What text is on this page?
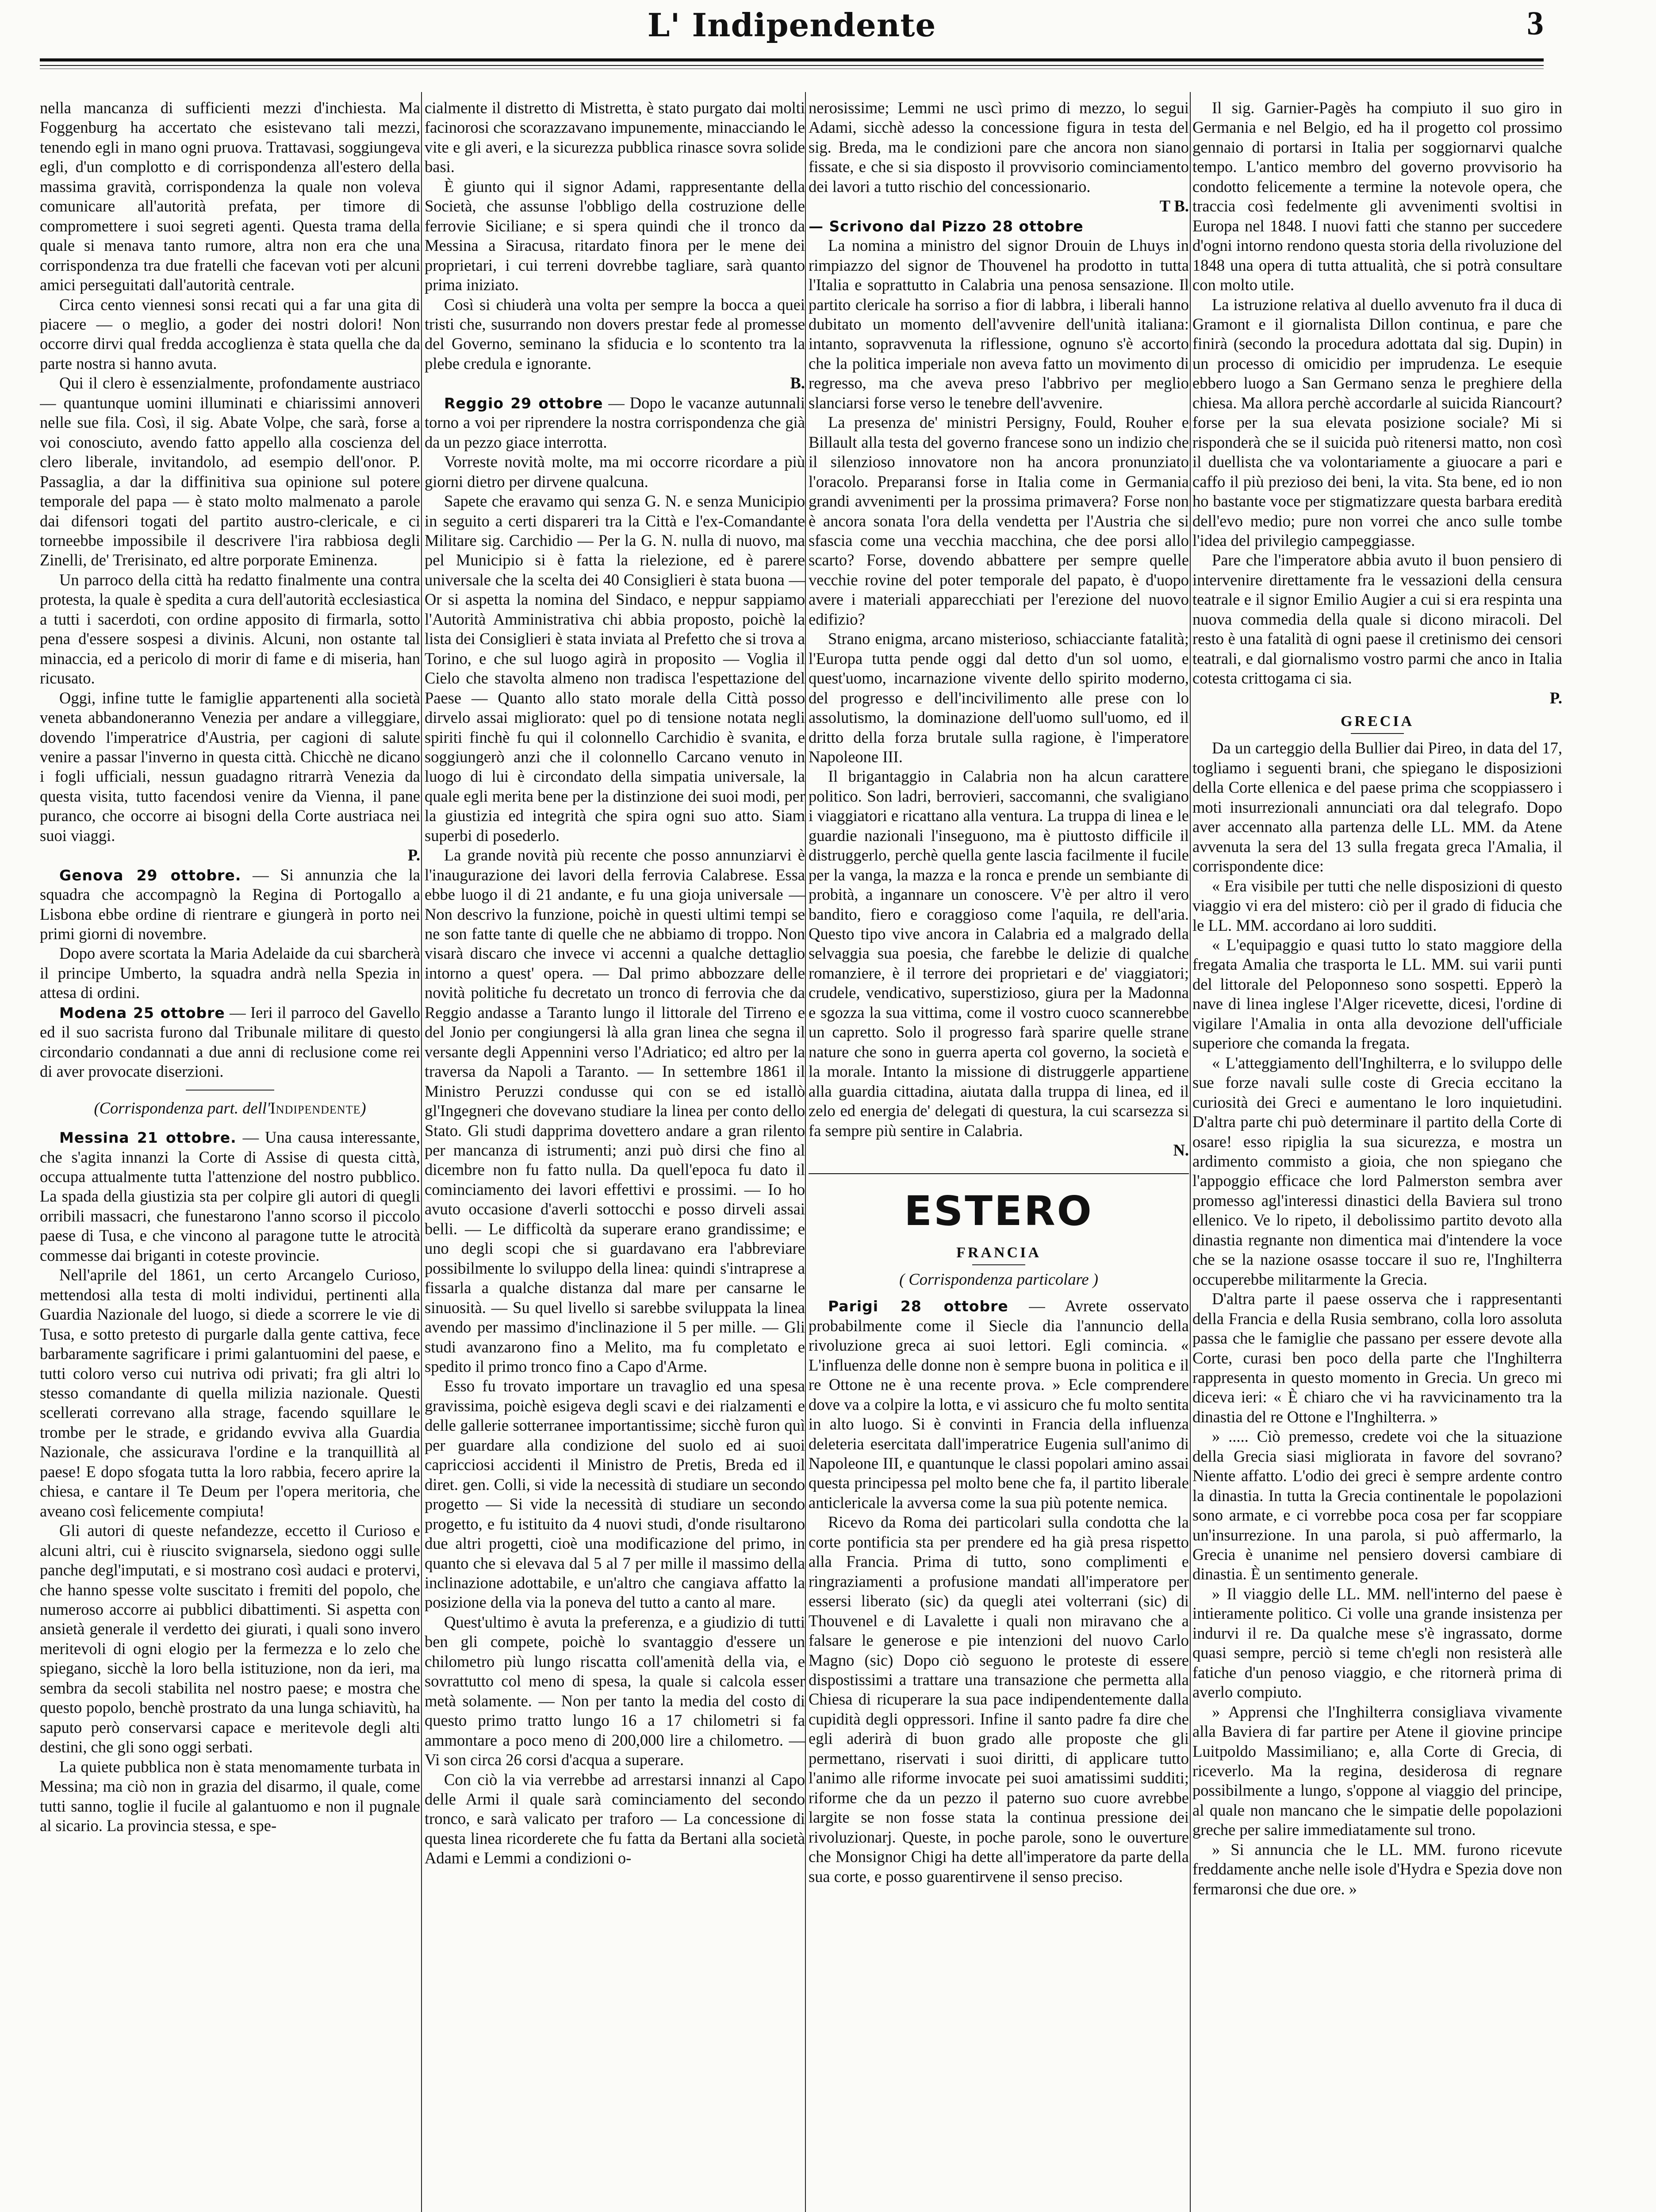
L' Indipendente	3

nella mancanza di sufficienti mezzi d'inchiesta. Ma Foggenburg ha accertato che esistevano tali mezzi, tenendo egli in mano ogni pruova. Trattavasi, soggiungeva egli, d'un complotto e di corrispondenza all'estero della massima gravità, corrispondenza la quale non voleva comunicare all'autorità prefata, per timore di compromettere i suoi segreti agenti. Questa trama della quale si menava tanto rumore, altra non era che una corrispondenza tra due fratelli che facevan voti per alcuni amici perseguitati dall'autorità centrale.

Circa cento viennesi sonsi recati qui a far una gita di piacere — o meglio, a goder dei nostri dolori! Non occorre dirvi qual fredda accoglienza è stata quella che da parte nostra si hanno avuta.

Qui il clero è essenzialmente, profondamente austriaco — quantunque uomini illuminati e chiarissimi annoveri nelle sue fila. Così, il sig. Abate Volpe, che sarà, forse a voi conosciuto, avendo fatto appello alla coscienza del clero liberale, invitandolo, ad esempio dell'onor. P. Passaglia, a dar la diffinitiva sua opinione sul potere temporale del papa — è stato molto malmenato a parole dai difensori togati del partito austro-clericale, e ci torneebbe impossibile il descrivere l'ira rabbiosa degli Zinelli, de' Trerisinato, ed altre porporate Eminenza.

Un parroco della città ha redatto finalmente una contra protesta, la quale è spedita a cura dell'autorità ecclesiastica a tutti i sacerdoti, con ordine apposito di firmarla, sotto pena d'essere sospesi a divinis. Alcuni, non ostante tal minaccia, ed a pericolo di morir di fame e di miseria, han ricusato.

Oggi, infine tutte le famiglie appartenenti alla società veneta abbandoneranno Venezia per andare a villeggiare, dovendo l'imperatrice d'Austria, per cagioni di salute venire a passar l'inverno in questa città. Chicchè ne dicano i fogli ufficiali, nessun guadagno ritrarrà Venezia da questa visita, tutto facendosi venire da Vienna, il pane puranco, che occorre ai bisogni della Corte austriaca nei suoi viaggi.

P.

Genova 29 ottobre. — Si annunzia che la squadra che accompagnò la Regina di Portogallo a Lisbona ebbe ordine di rientrare e giungerà in porto nei primi giorni di novembre.

Dopo avere scortata la Maria Adelaide da cui sbarcherà il principe Umberto, la squadra andrà nella Spezia in attesa di ordini.

Modena 25 ottobre — Ieri il parroco del Gavello ed il suo sacrista furono dal Tribunale militare di questo circondario condannati a due anni di reclusione come rei di aver provocate diserzioni.

(Corrispondenza part. dell'Indipendente)

Messina 21 ottobre. — Una causa interessante, che s'agita innanzi la Corte di Assise di questa città, occupa attualmente tutta l'attenzione del nostro pubblico. La spada della giustizia sta per colpire gli autori di quegli orribili massacri, che funestarono l'anno scorso il piccolo paese di Tusa, e che vincono al paragone tutte le atrocità commesse dai briganti in coteste provincie.

Nell'aprile del 1861, un certo Arcangelo Curioso, mettendosi alla testa di molti individui, pertinenti alla Guardia Nazionale del luogo, si diede a scorrere le vie di Tusa, e sotto pretesto di purgarle dalla gente cattiva, fece barbaramente sagrificare i primi galantuomini del paese, e tutti coloro verso cui nutriva odi privati; fra gli altri lo stesso comandante di quella milizia nazionale. Questi scellerati correvano alla strage, facendo squillare le trombe per le strade, e gridando evviva alla Guardia Nazionale, che assicurava l'ordine e la tranquillità al paese! E dopo sfogata tutta la loro rabbia, fecero aprire la chiesa, e cantare il Te Deum per l'opera meritoria, che aveano così felicemente compiuta!

Gli autori di queste nefandezze, eccetto il Curioso e alcuni altri, cui è riuscito svignarsela, siedono oggi sulle panche degl'imputati, e si mostrano così audaci e protervi, che hanno spesse volte suscitato i fremiti del popolo, che numeroso accorre ai pubblici dibattimenti. Si aspetta con ansietà generale il verdetto dei giurati, i quali sono invero meritevoli di ogni elogio per la fermezza e lo zelo che spiegano, sicchè la loro bella istituzione, non da ieri, ma sembra da secoli stabilita nel nostro paese; e mostra che questo popolo, benchè prostrato da una lunga schiavitù, ha saputo però conservarsi capace e meritevole degli alti destini, che gli sono oggi serbati.

La quiete pubblica non è stata menomamente turbata in Messina; ma ciò non in grazia del disarmo, il quale, come tutti sanno, toglie il fucile al galantuomo e non il pugnale al sicario. La provincia stessa, e spe-

cialmente il distretto di Mistretta, è stato purgato dai molti facinorosi che scorazzavano impunemente, minacciando le vite e gli averi, e la sicurezza pubblica rinasce sovra solide basi.

È giunto qui il signor Adami, rappresentante della Società, che assunse l'obbligo della costruzione delle ferrovie Siciliane; e si spera quindi che il tronco da Messina a Siracusa, ritardato finora per le mene dei proprietari, i cui terreni dovrebbe tagliare, sarà quanto prima iniziato.

Così si chiuderà una volta per sempre la bocca a quei tristi che, susurrando non dovers prestar fede al promesse del Governo, seminano la sfiducia e lo scontento tra la plebe credula e ignorante.

B.

Reggio 29 ottobre — Dopo le vacanze autunnali torno a voi per riprendere la nostra corrispondenza che già da un pezzo giace interrotta.

Vorreste novità molte, ma mi occorre ricordare a più giorni dietro per dirvene qualcuna.

Sapete che eravamo qui senza G. N. e senza Municipio in seguito a certi dispareri tra la Città e l'ex-Comandante Militare sig. Carchidio — Per la G. N. nulla di nuovo, ma pel Municipio si è fatta la rielezione, ed è parere universale che la scelta dei 40 Consiglieri è stata buona — Or si aspetta la nomina del Sindaco, e neppur sappiamo l'Autorità Amministrativa chi abbia proposto, poichè la lista dei Consiglieri è stata inviata al Prefetto che si trova a Torino, e che sul luogo agirà in proposito — Voglia il Cielo che stavolta almeno non tradisca l'espettazione del Paese — Quanto allo stato morale della Città posso dirvelo assai migliorato: quel po di tensione notata negli spiriti finchè fu qui il colonnello Carchidio è svanita, e soggiungerò anzi che il colonnello Carcano venuto in luogo di lui è circondato della simpatia universale, la quale egli merita bene per la distinzione dei suoi modi, per la giustizia ed integrità che spira ogni suo atto. Siam superbi di posederlo.

La grande novità più recente che posso annunziarvi è l'inaugurazione dei lavori della ferrovia Calabrese. Essa ebbe luogo il di 21 andante, e fu una gioja universale — Non descrivo la funzione, poichè in questi ultimi tempi se ne son fatte tante di quelle che ne abbiamo di troppo. Non visarà discaro che invece vi accenni a qualche dettaglio intorno a quest' opera. — Dal primo abbozzare delle novità politiche fu decretato un tronco di ferrovia che da Reggio andasse a Taranto lungo il littorale del Tirreno e del Jonio per congiungersi là alla gran linea che segna il versante degli Appennini verso l'Adriatico; ed altro per la traversa da Napoli a Taranto. — In settembre 1861 il Ministro Peruzzi condusse qui con se ed istallò gl'Ingegneri che dovevano studiare la linea per conto dello Stato. Gli studi dapprima dovettero andare a gran rilento per mancanza di istrumenti; anzi può dirsi che fino al dicembre non fu fatto nulla. Da quell'epoca fu dato il cominciamento dei lavori effettivi e prossimi. — Io ho avuto occasione d'averli sottocchi e posso dirveli assai belli. — Le difficoltà da superare erano grandissime; e uno degli scopi che si guardavano era l'abbreviare possibilmente lo sviluppo della linea: quindi s'intraprese a fissarla a qualche distanza dal mare per cansarne le sinuosità. — Su quel livello si sarebbe sviluppata la linea avendo per massimo d'inclinazione il 5 per mille. — Gli studi avanzarono fino a Melito, ma fu completato e spedito il primo tronco fino a Capo d'Arme.

Esso fu trovato importare un travaglio ed una spesa gravissima, poichè esigeva degli scavi e dei rialzamenti e delle gallerie sotterranee importantissime; sicchè furon quì per guardare alla condizione del suolo ed ai suoi capricciosi accidenti il Ministro de Pretis, Breda ed il diret. gen. Colli, si vide la necessità di studiare un secondo progetto — Si vide la necessità di studiare un secondo progetto, e fu istituito da 4 nuovi studi, d'onde risultarono due altri progetti, cioè una modificazione del primo, in quanto che si elevava dal 5 al 7 per mille il massimo della inclinazione adottabile, e un'altro che cangiava affatto la posizione della via la poneva del tutto a canto al mare.

Quest'ultimo è avuta la preferenza, e a giudizio di tutti ben gli compete, poichè lo svantaggio d'essere un chilometro più lungo riscatta coll'amenità della via, e sovrattutto col meno di spesa, la quale si calcola esser metà solamente. — Non per tanto la media del costo di questo primo tratto lungo 16 a 17 chilometri si fa ammontare a poco meno di 200,000 lire a chilometro. — Vi son circa 26 corsi d'acqua a superare.

Con ciò la via verrebbe ad arrestarsi innanzi al Capo delle Armi il quale sarà cominciamento del secondo tronco, e sarà valicato per traforo — La concessione di questa linea ricorderete che fu fatta da Bertani alla società Adami e Lemmi a condizioni o-

nerosissime; Lemmi ne uscì primo di mezzo, lo segui Adami, sicchè adesso la concessione figura in testa del sig. Breda, ma le condizioni pare che ancora non siano fissate, e che si sia disposto il provvisorio cominciamento dei lavori a tutto rischio del concessionario.

T B.

— Scrivono dal Pizzo 28 ottobre

La nomina a ministro del signor Drouin de Lhuys in rimpiazzo del signor de Thouvenel ha prodotto in tutta l'Italia e soprattutto in Calabria una penosa sensazione. Il partito clericale ha sorriso a fior di labbra, i liberali hanno dubitato un momento dell'avvenire dell'unità italiana: intanto, sopravvenuta la riflessione, ognuno s'è accorto che la politica imperiale non aveva fatto un movimento di regresso, ma che aveva preso l'abbrivo per meglio slanciarsi forse verso le tenebre dell'avvenire.

La presenza de' ministri Persigny, Fould, Rouher e Billault alla testa del governo francese sono un indizio che il silenzioso innovatore non ha ancora pronunziato l'oracolo. Preparansi forse in Italia come in Germania grandi avvenimenti per la prossima primavera? Forse non è ancora sonata l'ora della vendetta per l'Austria che si sfascia come una vecchia macchina, che dee porsi allo scarto? Forse, dovendo abbattere per sempre quelle vecchie rovine del poter temporale del papato, è d'uopo avere i materiali apparecchiati per l'erezione del nuovo edifizio?

Strano enigma, arcano misterioso, schiacciante fatalità; l'Europa tutta pende oggi dal detto d'un sol uomo, e quest'uomo, incarnazione vivente dello spirito moderno, del progresso e dell'incivilimento alle prese con lo assolutismo, la dominazione dell'uomo sull'uomo, ed il dritto della forza brutale sulla ragione, è l'imperatore Napoleone III.

Il brigantaggio in Calabria non ha alcun carattere politico. Son ladri, berrovieri, saccomanni, che svaligiano i viaggiatori e ricattano alla ventura. La truppa di linea e le guardie nazionali l'inseguono, ma è piuttosto difficile il distruggerlo, perchè quella gente lascia facilmente il fucile per la vanga, la mazza e la ronca e prende un sembiante di probità, a ingannare un conoscere. V'è per altro il vero bandito, fiero e coraggioso come l'aquila, re dell'aria. Questo tipo vive ancora in Calabria ed a malgrado della selvaggia sua poesia, che farebbe le delizie di qualche romanziere, è il terrore dei proprietari e de' viaggiatori; crudele, vendicativo, superstizioso, giura per la Madonna e sgozza la sua vittima, come il vostro cuoco scannerebbe un capretto. Solo il progresso farà sparire quelle strane nature che sono in guerra aperta col governo, la società e la morale. Intanto la missione di distruggerle appartiene alla guardia cittadina, aiutata dalla truppa di linea, ed il zelo ed energia de' delegati di questura, la cui scarsezza si fa sempre più sentire in Calabria.

N.
ESTERO
FRANCIA
( Corrispondenza particolare )

Parigi 28 ottobre — Avrete osservato probabilmente come il Siecle dia l'annuncio della rivoluzione greca ai suoi lettori. Egli comincia. « L'influenza delle donne non è sempre buona in politica e il re Ottone ne è una recente prova. » Ecle comprendere dove va a colpire la lotta, e vi assicuro che fu molto sentita in alto luogo. Si è convinti in Francia della influenza deleteria esercitata dall'imperatrice Eugenia sull'animo di Napoleone III, e quantunque le classi popolari amino assai questa principessa pel molto bene che fa, il partito liberale anticlericale la avversa come la sua più potente nemica.

Ricevo da Roma dei particolari sulla condotta che la corte pontificia sta per prendere ed ha già presa rispetto alla Francia. Prima di tutto, sono complimenti e ringraziamenti a profusione mandati all'imperatore per essersi liberato (sic) da quegli atei volterrani (sic) di Thouvenel e di Lavalette i quali non miravano che a falsare le generose e pie intenzioni del nuovo Carlo Magno (sic) Dopo ciò seguono le proteste di essere dispostissimi a trattare una transazione che permetta alla Chiesa di ricuperare la sua pace indipendentemente dalla cupidità degli oppressori. Infine il santo padre fa dire che egli aderirà di buon grado alle proposte che gli permettano, riservati i suoi diritti, di applicare tutto l'animo alle riforme invocate pei suoi amatissimi sudditi; riforme che da un pezzo il paterno suo cuore avrebbe largite se non fosse stata la continua pressione dei rivoluzionarj. Queste, in poche parole, sono le ouverture che Monsignor Chigi ha dette all'imperatore da parte della sua corte, e posso guarentirvene il senso preciso.

Il sig. Garnier-Pagès ha compiuto il suo giro in Germania e nel Belgio, ed ha il progetto col prossimo gennaio di portarsi in Italia per soggiornarvi qualche tempo. L'antico membro del governo provvisorio ha condotto felicemente a termine la notevole opera, che traccia così fedelmente gli avvenimenti svoltisi in Europa nel 1848. I nuovi fatti che stanno per succedere d'ogni intorno rendono questa storia della rivoluzione del 1848 una opera di tutta attualità, che si potrà consultare con molto utile.

La istruzione relativa al duello avvenuto fra il duca di Gramont e il giornalista Dillon continua, e pare che finirà (secondo la procedura adottata dal sig. Dupin) in un processo di omicidio per imprudenza. Le esequie ebbero luogo a San Germano senza le preghiere della chiesa. Ma allora perchè accordarle al suicida Riancourt? forse per la sua elevata posizione sociale? Mi si risponderà che se il suicida può ritenersi matto, non così il duellista che va volontariamente a giuocare a pari e caffo il più prezioso dei beni, la vita. Sta bene, ed io non ho bastante voce per stigmatizzare questa barbara eredità dell'evo medio; pure non vorrei che anco sulle tombe l'idea del privilegio campeggiasse.

Pare che l'imperatore abbia avuto il buon pensiero di intervenire direttamente fra le vessazioni della censura teatrale e il signor Emilio Augier a cui si era respinta una nuova commedia della quale si dicono miracoli. Del resto è una fatalità di ogni paese il cretinismo dei censori teatrali, e dal giornalismo vostro parmi che anco in Italia cotesta crittogama ci sia.

P.
GRECIA

Da un carteggio della Bullier dai Pireo, in data del 17, togliamo i seguenti brani, che spiegano le disposizioni della Corte ellenica e del paese prima che scoppiassero i moti insurrezionali annunciati ora dal telegrafo. Dopo aver accennato alla partenza delle LL. MM. da Atene avvenuta la sera del 13 sulla fregata greca l'Amalia, il corrispondente dice:

« Era visibile per tutti che nelle disposizioni di questo viaggio vi era del mistero: ciò per il grado di fiducia che le LL. MM. accordano ai loro sudditi.

« L'equipaggio e quasi tutto lo stato maggiore della fregata Amalia che trasporta le LL. MM. sui varii punti del littorale del Peloponneso sono sospetti. Epperò la nave di linea inglese l'Alger ricevette, dicesi, l'ordine di vigilare l'Amalia in onta alla devozione dell'ufficiale superiore che comanda la fregata.

« L'atteggiamento dell'Inghilterra, e lo sviluppo delle sue forze navali sulle coste di Grecia eccitano la curiosità dei Greci e aumentano le loro inquietudini. D'altra parte chi può determinare il partito della Corte di osare! esso ripiglia la sua sicurezza, e mostra un ardimento commisto a gioia, che non spiegano che l'appoggio efficace che lord Palmerston sembra aver promesso agl'interessi dinastici della Baviera sul trono ellenico. Ve lo ripeto, il debolissimo partito devoto alla dinastia regnante non dimentica mai d'intendere la voce che se la nazione osasse toccare il suo re, l'Inghilterra occuperebbe militarmente la Grecia.

D'altra parte il paese osserva che i rappresentanti della Francia e della Rusia sembrano, colla loro assoluta passa che le famiglie che passano per essere devote alla Corte, curasi ben poco della parte che l'Inghilterra rappresenta in questo momento in Grecia. Un greco mi diceva ieri: « È chiaro che vi ha ravvicinamento tra la dinastia del re Ottone e l'Inghilterra. »

» ..... Ciò premesso, credete voi che la situazione della Grecia siasi migliorata in favore del sovrano? Niente affatto. L'odio dei greci è sempre ardente contro la dinastia. In tutta la Grecia continentale le popolazioni sono armate, e ci vorrebbe poca cosa per far scoppiare un'insurrezione. In una parola, si può affermarlo, la Grecia è unanime nel pensiero doversi cambiare di dinastia. È un sentimento generale.

» Il viaggio delle LL. MM. nell'interno del paese è intieramente politico. Ci volle una grande insistenza per indurvi il re. Da qualche mese s'è ingrassato, dorme quasi sempre, perciò si teme ch'egli non resisterà alle fatiche d'un penoso viaggio, e che ritornerà prima di averlo compiuto.

» Apprensi che l'Inghilterra consigliava vivamente alla Baviera di far partire per Atene il giovine principe Luitpoldo Massimiliano; e, alla Corte di Grecia, di riceverlo. Ma la regina, desiderosa di regnare possibilmente a lungo, s'oppone al viaggio del principe, al quale non mancano che le simpatie delle popolazioni greche per salire immediatamente sul trono.

» Si annuncia che le LL. MM. furono ricevute freddamente anche nelle isole d'Hydra e Spezia dove non fermaronsi che due ore. »
